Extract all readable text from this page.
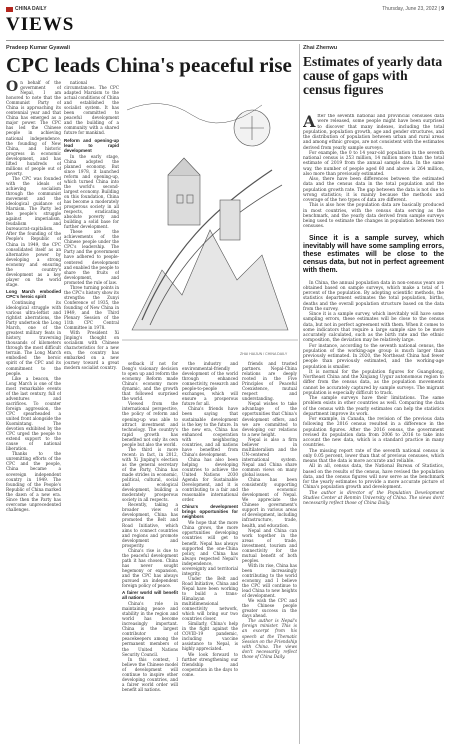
CHINA DAILY	Thursday, June 23, 2022 | 9
VIEWS
Pradeep Kumar Gyawali
CPC leads China's peaceful rise

On behalf of the government of Nepal, I am honored to note that the Communist Party of China is approaching its centennial year and that China has emerged as a major power. The CPC has led the Chinese people in achieving national independence, the founding of New China, and historic progress in economic development, and has lifted hundreds of millions of people out of poverty.

The CPC was founded with the ideals of achieving socialism through the communist movement and the ideological guidance of Marxism. The Party led the people's struggle against imperialism, feudalism and bureaucrat-capitalism. After the founding of the People's Republic of China in 1949, the CPC consolidated itself as an alternative power by developing a strong economy and ensuring the country's development as a key player on the world stage.

Long March embodied CPC's heroic spirit

Continuing its ideological struggle with various ultra-leftist and rightist aberrations, the Party undertook the Long March, one of the greatest military feats in history, traversing thousands of kilometers through the most difficult terrain. The Long March embodied the heroic spirit of the CPC and its commitment to the people.

Like a beacon, the Long March is one of the most remarkable events of the last century, full of adventures and sacrifices. To counter foreign aggression, the CPC spearheaded a united front alongside the Kuomintang. The devotion exhibited by the CPC urged the people to extend support to the cause of national liberation.

Thanks to the unremitting efforts of the CPC and the people, China became a sovereign independent country in 1949. The founding of the People's Republic of China marked the dawn of a new era. Since then the Party has overcome unprecedented challenges.

national circumstances. The CPC adapted Marxism to the actual conditions of China and established the socialist system. It has been committed to peaceful development and the building of a community with a shared future for mankind.

Reform and opening-up lead to rapid development

In the early stage, China adopted the planned economy. But since 1978, it launched reform and opening-up, which turned China into the world's second-largest economy. Building on this foundation, China has become a moderately prosperous society in all respects, eradicating absolute poverty and building a solid base for further development.

These are the achievements of the Chinese people under the CPC's leadership. The Party and the government have adhered to people-centered development and enabled the people to share the fruits of development, and promoted the rule of law.

Three turning points in the CPC's history show its strengths: the Zunyi Conference of 1935, the founding of New China in 1949, and the Third Plenary Session of the 11th CPC Central Committee in 1978.

With President Xi Jinping's thought on socialism with Chinese characteristics for a new era, the country has embarked on a new journey toward a great modern socialist country.

ZHAI HAIJUN / CHINA DAILY

setback if not for Deng's visionary decision to open up and reform the economy. Reform made China's economy more dynamic, and the growth that followed surprised the world.

Viewed from the international perspective, the policy of reform and opening-up was able to attract investment and technology. The country's rapid growth has benefited not only its own people but also the world.

The third is more recent: in fact, in 2012, with Xi Jinping's election as the general secretary of the Party, China has made strides in economic, political, cultural, social and ecological development, building a moderately prosperous society in all respects.

Recently, taking a broader view of development, China has promoted the Belt and Road Initiative, which aims to connect countries and regions and promote development and prosperity.

China's rise is due to the peaceful development path it has chosen. China has never sought hegemony or expansion, and the CPC has always pursued an independent foreign policy of peace.

A fairer world will benefit all nations

China's role in maintaining peace and stability in the region and world has become increasingly important. China is the largest contributor of peacekeepers among the permanent members of the United Nations Security Council.

In this context, I believe the Chinese model of development will continue to inspire other developing countries, and a fairer world order will benefit all nations.

the industry and environmental-friendly development of the world through enhanced connectivity, research and people-to-people exchanges, which will ensure a prosperous future for all.

China's friends have been saying that sustainable development is the key to the future. In the new era, China has enhanced cooperation with neighboring countries, and all nations have benefited from China's development.

China has also been helping developing countries to achieve the United Nations 2030 Agenda for Sustainable Development, and it is contributing to a fair and reasonable international order.

China's development brings opportunities for neighbors

We hope that the more China grows, the more opportunities developing countries will get to benefit. Nepal has always supported the one-China policy, and China has always respected Nepal's independence, sovereignty and territorial integrity.

Under the Belt and Road Initiative, China and Nepal have been working to build a trans-Himalayan multidimensional connectivity network, which will bring our two countries closer.

Similarly, China's help in the fight against the COVID-19 pandemic, including vaccine assistance to Nepal, is highly appreciated.

We look forward to further strengthening our friendship and cooperation in the days to come.

friends and trusted partners. Nepal-China relations are deeply rooted in the Five Principles of Peaceful Coexistence, mutual respect and understanding.

Nepal wishes to take advantage of the opportunities that China's development offers, and we are committed to developing our relations to a new height.

Nepal is also a firm believer in multilateralism and the UN-centered international system. Nepal and China share common views on many global issues.

China has been consistently supporting the economic development of Nepal. We appreciate the Chinese government's support in various areas of development, including infrastructure, trade, health, and education.

Nepal and China can work together in the areas of trade, investment, tourism and connectivity for the mutual benefit of both peoples.

With its rise, China has been increasingly contributing to the world economy, and I believe the CPC will continue to lead China to new heights of development.

We wish the CPC and the Chinese people greater success in the days ahead.

The author is Nepal's foreign minister. This is an excerpt from his speech at the Thematic Session on the Friendship with China. The views don't necessarily reflect those of China Daily.

Zhai Zhenwu
Estimates of yearly data cause of gaps with census figures

After the seventh national and provincial censuses data were released, some people might have been surprised to discover that many indexes, including the total population, population growth, age and gender structures, and the distribution of population between urban and rural areas and among ethnic groups, are not consistent with the estimates derived from yearly sample surveys.

For example, the 0 to 14 year-old population in the seventh national census is 253 million, 14 million more than the total estimate of 2019 from the annual sample data. In the same way, the number of people aged 60 and above is 264 million, also more than previously estimated.

Also, there have been differences between the estimated data and the census data in the total population and the population growth rate. The gap between the data is not due to wrong statistics; it is mainly because the methods and coverage of the two types of data are different.

This is also how the population data are basically produced in most countries, with the census data serving as the benchmark, and the yearly data derived from sample surveys being used to estimate the changes in population between two censuses.

Since it is a sample survey, which inevitably will have some sampling errors, these estimates will be close to the census data, but not in perfect agreement with them.

In China, the annual population data in non-census years are obtained based on sample surveys, which make a total of 1 percent of the population. By adopting scientific methods, the statistics department estimates the total population, births, deaths and the overall population structure based on the data from the survey.

Since it is a sample survey, which inevitably will have some sampling errors, these estimates will be close to the census data, but not in perfect agreement with them. When it comes to some indicators that require a large sample size to be more accurately calculated, such as the birth rate and the ethnic composition, the deviation may be relatively large.

For instance, according to the seventh national census, the population of the working-age group is much larger than previously estimated. In 2020, the Northeast China had fewer people than previously estimated, and the working-age population is smaller.

It is normal for the population figures for Guangdong, Northeast China and the Xinjiang Uygur autonomous region to differ from the census data, as the population movements cannot be accurately captured by sample surveys. The migrant population is especially difficult to track.

The sample surveys have their limitations. The same problem exists in other countries as well. Comparing the data of the census with the yearly estimates can help the statistics department improve its work.

For example, in Canada, the revision of the previous data following the 2016 census resulted in a difference in the population figures. After the 2016 census, the government revised its population data from 2006 to 2016 to take into account the new data, which is a standard practice in many countries.

The missing report rate of the seventh national census is only 0.05 percent, lower than that of previous censuses, which means that the data is more accurate and reliable.

All in all, census data, the National Bureau of Statistics, based on the results of the census, have revised the population data, and the census figures will now serve as the benchmark for the yearly estimates to provide a more accurate picture of China's population growth and development.

The author is director of the Population Development Studies Center at Renmin University of China. The views don't necessarily reflect those of China Daily.
